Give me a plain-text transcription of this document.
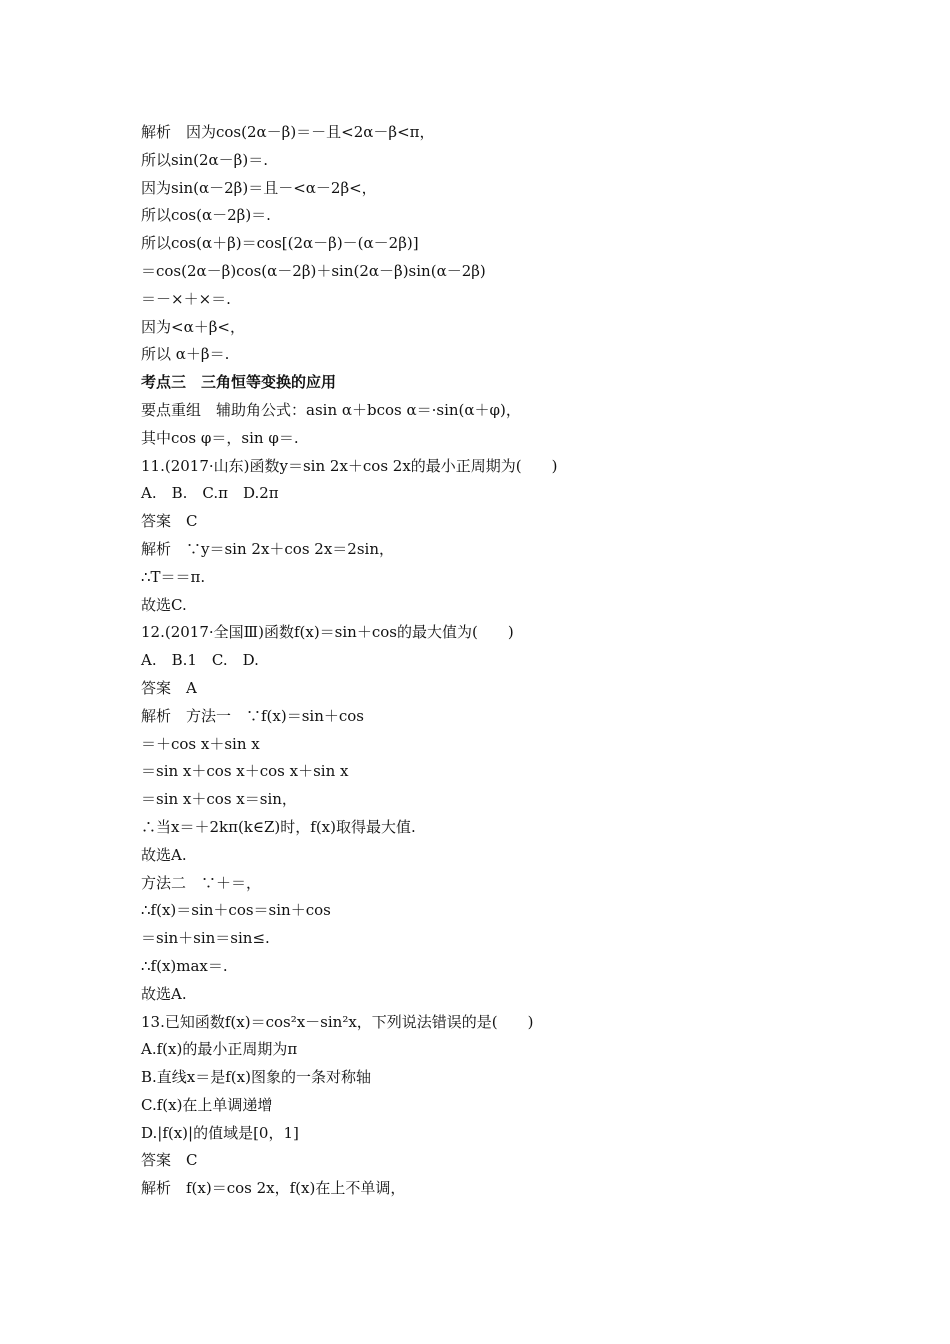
解析　因为cos(2α－β)＝－且<2α－β<π，
所以sin(2α－β)＝.
因为sin(α－2β)＝且－<α－2β<，
所以cos(α－2β)＝.
所以cos(α＋β)＝cos[(2α－β)－(α－2β)]
＝cos(2α－β)cos(α－2β)＋sin(2α－β)sin(α－2β)
＝－×＋×＝.
因为<α＋β<，
所以 α＋β＝.
考点三　三角恒等变换的应用
要点重组　辅助角公式：asin α＋bcos α＝·sin(α＋φ)，
其中cos φ＝，sin φ＝.
11.(2017·山东)函数y＝sin 2x＋cos 2x的最小正周期为(　　)
A.　B.　C.π　D.2π
答案　C
解析　∵y＝sin 2x＋cos 2x＝2sin，
∴T＝＝π.
故选C.
12.(2017·全国Ⅲ)函数f(x)＝sin＋cos的最大值为(　　)
A.　B.1　C.　D.
答案　A
解析　方法一　∵f(x)＝sin＋cos
＝＋cos x＋sin x
＝sin x＋cos x＋cos x＋sin x
＝sin x＋cos x＝sin，
∴当x＝＋2kπ(k∈Z)时，f(x)取得最大值.
故选A.
方法二　∵＋＝，
∴f(x)＝sin＋cos＝sin＋cos
＝sin＋sin＝sin≤.
∴f(x)max＝.
故选A.
13.已知函数f(x)＝cos²x－sin²x，下列说法错误的是(　　)
A.f(x)的最小正周期为π
B.直线x＝是f(x)图象的一条对称轴
C.f(x)在上单调递增
D.|f(x)|的值域是[0，1]
答案　C
解析　f(x)＝cos 2x，f(x)在上不单调，
